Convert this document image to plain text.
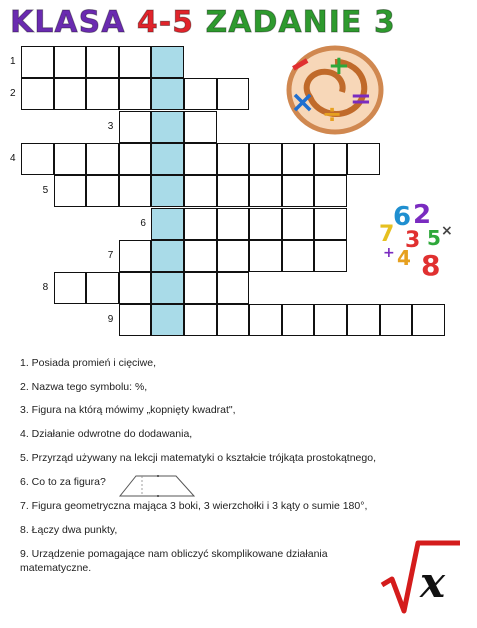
KLASA 4-5 ZADANIE 3
1
2
3
4
5
6
7
8
9
+
× =
÷
6 2
7 3 5
4 8
×
+
1. Posiada promień i cięciwe,
2. Nazwa tego symbolu: %,
3. Figura na którą mówimy „kopnięty kwadrat",
4. Działanie odwrotne do dodawania,
5. Przyrząd używany na lekcji matematyki o kształcie trójkąta prostokątnego,
6. Co to za figura?
7. Figura geometryczna mająca 3 boki, 3 wierzchołki i 3 kąty o sumie 180°,
8. Łączy dwa punkty,
9. Urządzenie pomagające nam obliczyć skomplikowane działania
matematyczne.	x
